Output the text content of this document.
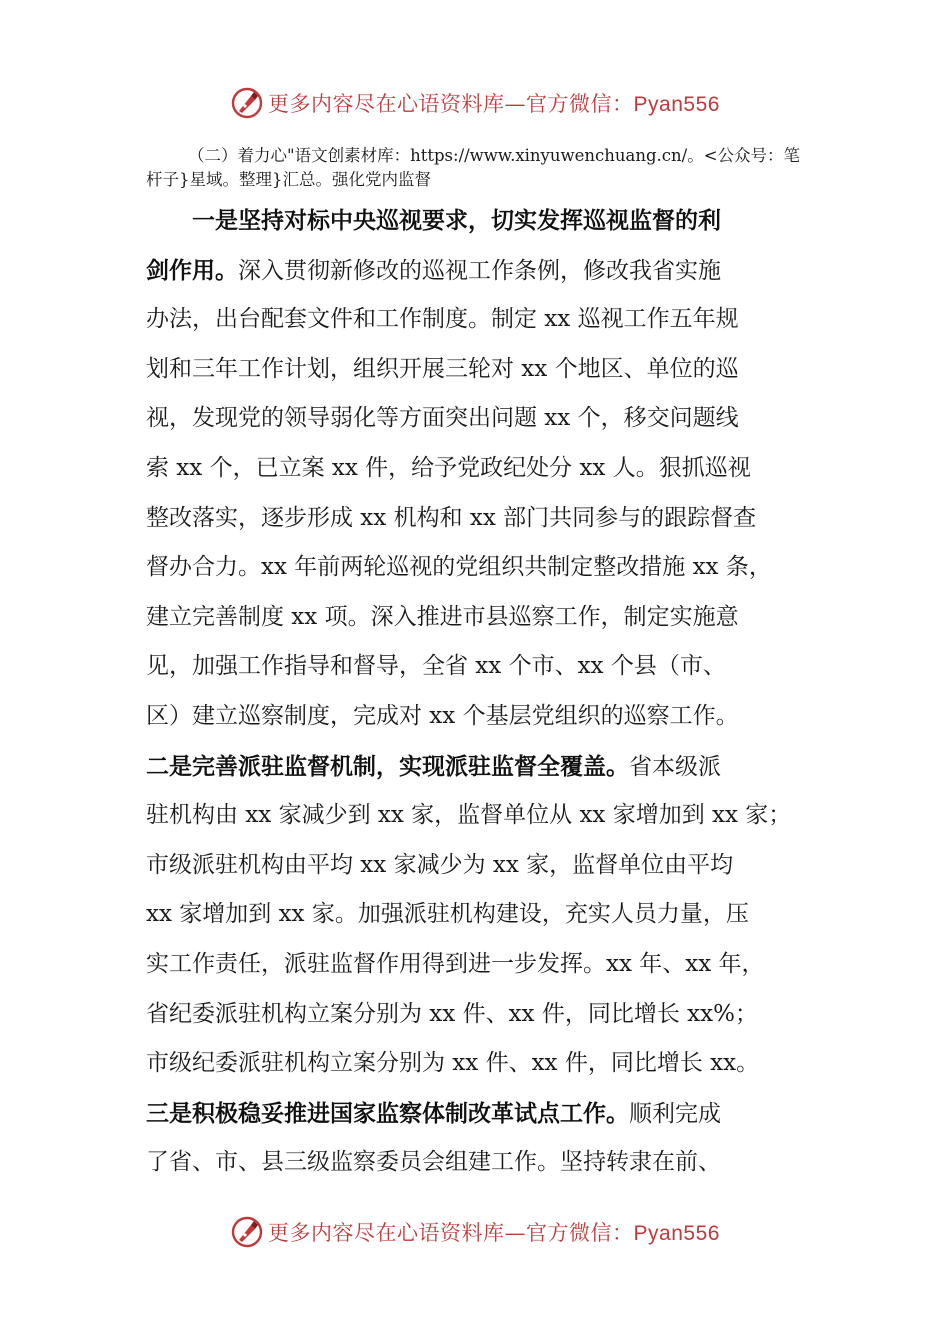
更多内容尽在心语资料库—官方微信：Pyan556
（二）着力心"语文创素材库：https://www.xinyuwenchuang.cn/。<公众号：笔杆子}星域。整理}汇总。强化党内监督
一是坚持对标中央巡视要求，切实发挥巡视监督的利
剑作用。深入贯彻新修改的巡视工作条例，修改我省实施
办法，出台配套文件和工作制度。制定 xx 巡视工作五年规
划和三年工作计划，组织开展三轮对 xx 个地区、单位的巡
视，发现党的领导弱化等方面突出问题 xx 个，移交问题线
索 xx 个，已立案 xx 件，给予党政纪处分 xx 人。狠抓巡视
整改落实，逐步形成 xx 机构和 xx 部门共同参与的跟踪督查
督办合力。xx 年前两轮巡视的党组织共制定整改措施 xx 条，
建立完善制度 xx 项。深入推进市县巡察工作，制定实施意
见，加强工作指导和督导，全省 xx 个市、xx 个县（市、
区）建立巡察制度，完成对 xx 个基层党组织的巡察工作。
二是完善派驻监督机制，实现派驻监督全覆盖。省本级派
驻机构由 xx 家减少到 xx 家，监督单位从 xx 家增加到 xx 家；
市级派驻机构由平均 xx 家减少为 xx 家，监督单位由平均
xx 家增加到 xx 家。加强派驻机构建设，充实人员力量，压
实工作责任，派驻监督作用得到进一步发挥。xx 年、xx 年，
省纪委派驻机构立案分别为 xx 件、xx 件，同比增长 xx%；
市级纪委派驻机构立案分别为 xx 件、xx 件，同比增长 xx。
三是积极稳妥推进国家监察体制改革试点工作。顺利完成
了省、市、县三级监察委员会组建工作。坚持转隶在前、
更多内容尽在心语资料库—官方微信：Pyan556
